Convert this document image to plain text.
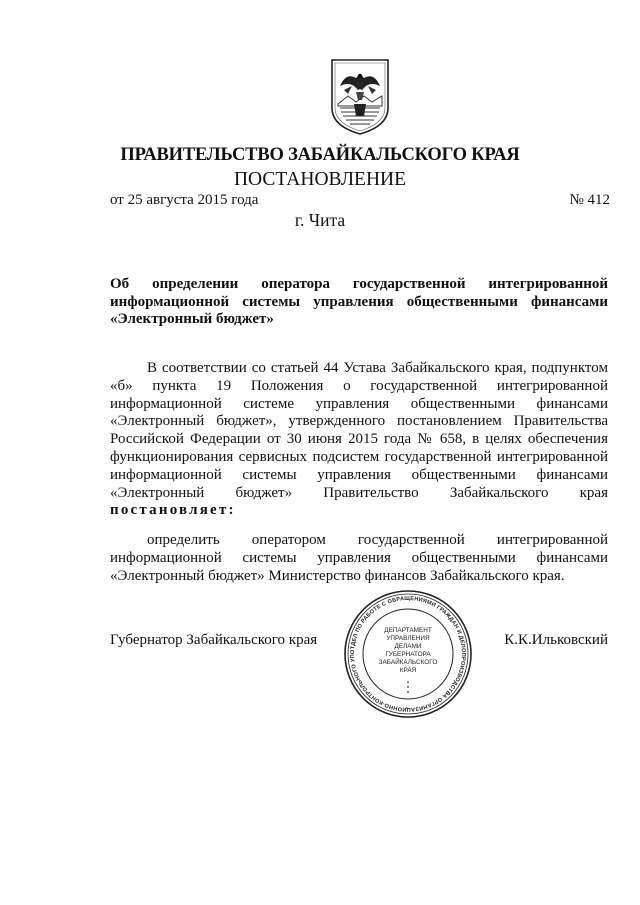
ПРАВИТЕЛЬСТВО ЗАБАЙКАЛЬСКОГО КРАЯ
ПОСТАНОВЛЕНИЕ
от 25 августа 2015 года	№ 412
г. Чита
Об определении оператора государственной интегрированной информационной системы управления общественными финансами «Электронный бюджет»
В соответствии со статьей 44 Устава Забайкальского края, подпунктом «б» пункта 19 Положения о государственной интегрированной информационной системе управления общественными финансами «Электронный бюджет», утвержденного постановлением Правительства Российской Федерации от 30 июня 2015 года № 658, в целях обеспечения функционирования сервисных подсистем государственной интегрированной информационной системы управления общественными финансами «Электронный бюджет» Правительство Забайкальского края
постановляет:
определить оператором государственной интегрированной информационной системы управления общественными финансами «Электронный бюджет» Министерство финансов Забайкальского края.
Губернатор Забайкальского края
ОТДЕЛ ПО РАБОТЕ С ОБРАЩЕНИЯМИ ГРАЖДАН И ДЕЛОПРОИЗВОДСТВА ОРГАНИЗАЦИОННО-КОНТРОЛЬНОГО УП
ДЕПАРТАМЕНТ
УПРАВЛЕНИЯ
ДЕЛАМИ
ГУБЕРНАТОРА
ЗАБАЙКАЛЬСКОГО
КРАЯ
К.К.Ильковский
